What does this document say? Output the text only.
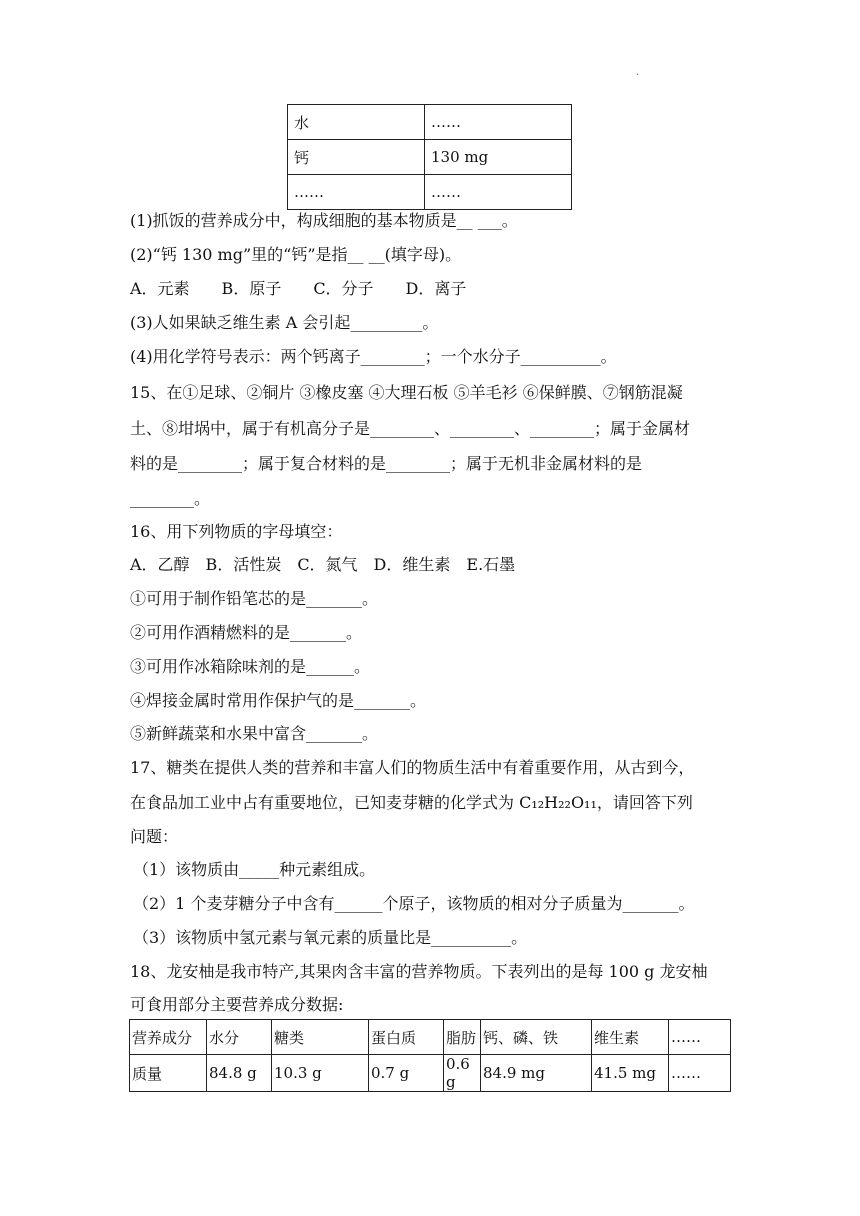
·
水	……
钙	130 mg
……	……
(1)抓饭的营养成分中，构成细胞的基本物质是__ ___。
(2)“钙 130 mg”里的“钙”是指__ __(填字母)。
A．元素　　B．原子　　C．分子　　D．离子
(3)人如果缺乏维生素 A 会引起_________。
(4)用化学符号表示：两个钙离子________；一个水分子__________。
15、在①足球、②铜片 ③橡皮塞 ④大理石板 ⑤羊毛衫 ⑥保鲜膜、⑦钢筋混凝
土、⑧坩埚中，属于有机高分子是________、________、________；属于金属材
料的是________；属于复合材料的是________；属于无机非金属材料的是
________。
16、用下列物质的字母填空：
A．乙醇　B．活性炭　C．氮气　D．维生素　E.石墨
①可用于制作铅笔芯的是_______。
②可用作酒精燃料的是_______。
③可用作冰箱除味剂的是______。
④焊接金属时常用作保护气的是_______。
⑤新鲜蔬菜和水果中富含_______。
17、糖类在提供人类的营养和丰富人们的物质生活中有着重要作用，从古到今，
在食品加工业中占有重要地位，已知麦芽糖的化学式为 C₁₂H₂₂O₁₁，请回答下列
问题：
（1）该物质由_____种元素组成。
（2）1 个麦芽糖分子中含有______个原子，该物质的相对分子质量为_______。
（3）该物质中氢元素与氧元素的质量比是__________。
18、龙安柚是我市特产,其果肉含丰富的营养物质。下表列出的是每 100 g 龙安柚
可食用部分主要营养成分数据:
营养成分	水分	糖类	蛋白质	脂肪	钙、磷、铁	维生素	……
质量	84.8 g	10.3 g	0.7 g	0.6 g	84.9 mg	41.5 mg	……
